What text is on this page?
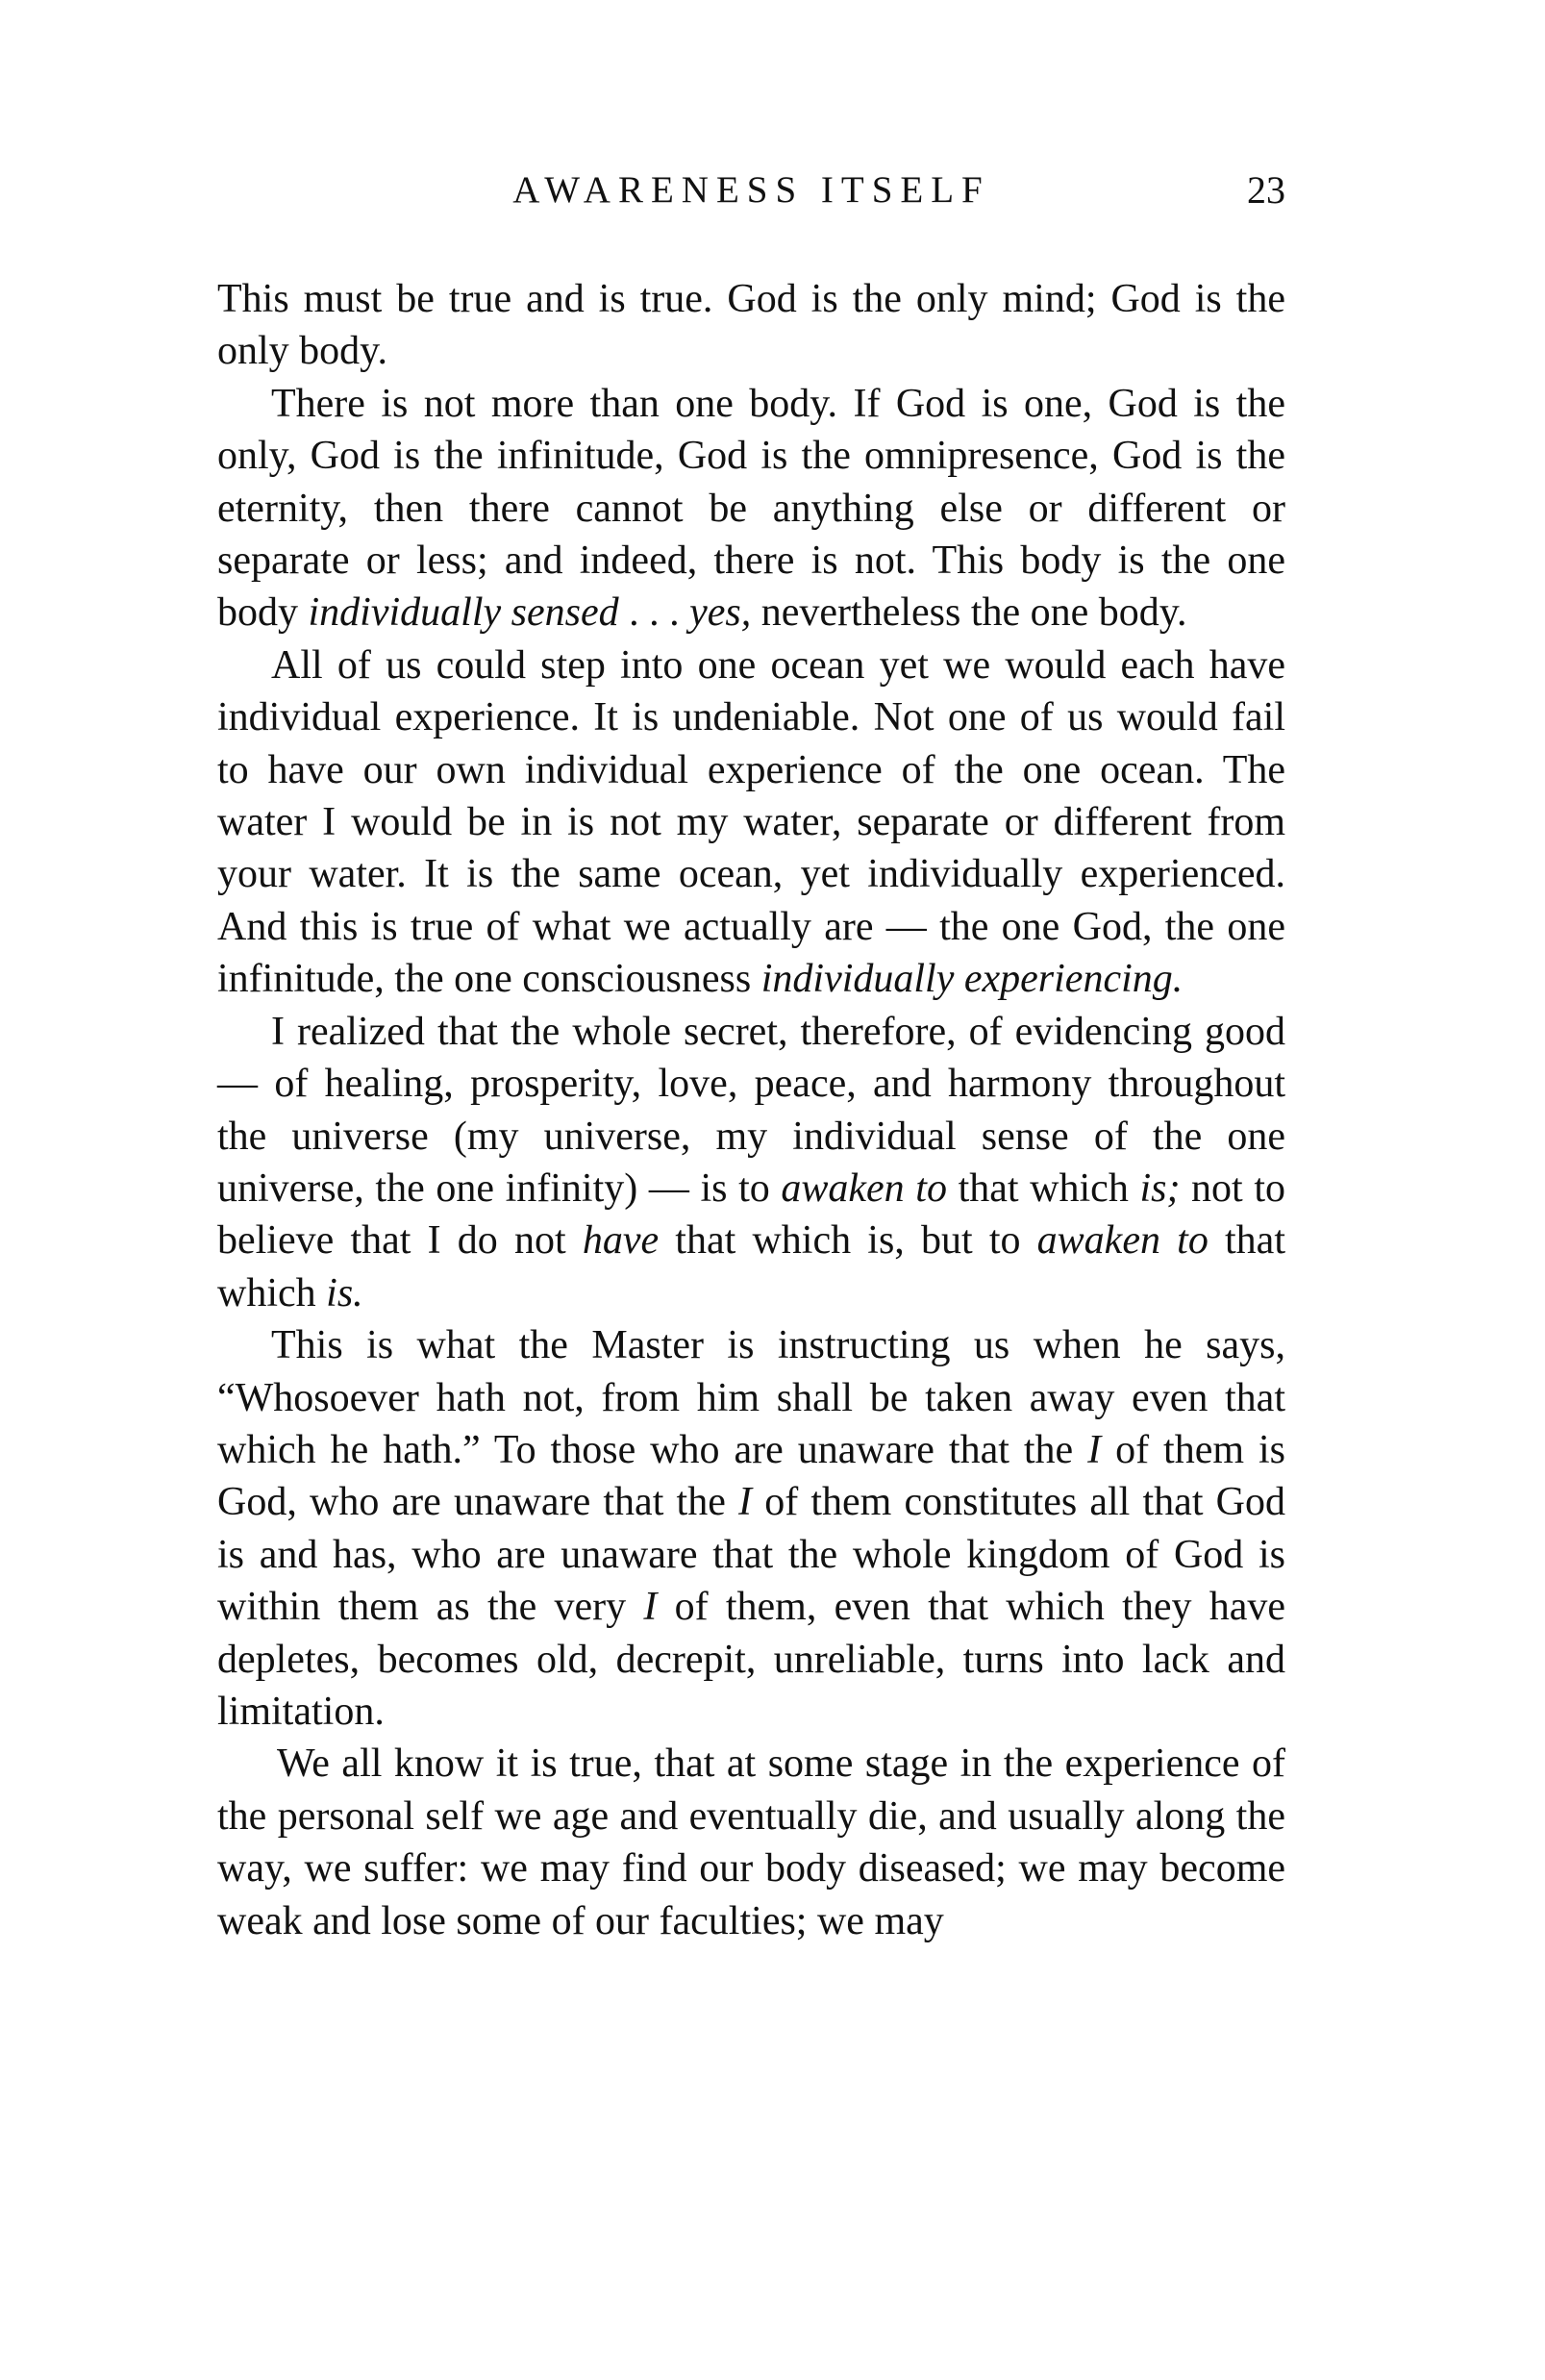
AWARENESS ITSELF	23

This must be true and is true. God is the only mind; God is the only body.

There is not more than one body. If God is one, God is the only, God is the infinitude, God is the omnipresence, God is the eternity, then there cannot be anything else or different or separate or less; and indeed, there is not. This body is the one body individually sensed . . . yes, nevertheless the one body.

All of us could step into one ocean yet we would each have individual experience. It is undeniable. Not one of us would fail to have our own individual experience of the one ocean. The water I would be in is not my water, separate or different from your water. It is the same ocean, yet individually experienced. And this is true of what we actually are — the one God, the one infinitude, the one consciousness individually experiencing.

I realized that the whole secret, therefore, of evidencing good — of healing, prosperity, love, peace, and harmony throughout the universe (my universe, my individual sense of the one universe, the one infinity) — is to awaken to that which is; not to believe that I do not have that which is, but to awaken to that which is.

This is what the Master is instructing us when he says, “Whosoever hath not, from him shall be taken away even that which he hath.” To those who are unaware that the I of them is God, who are unaware that the I of them constitutes all that God is and has, who are unaware that the whole kingdom of God is within them as the very I of them, even that which they have depletes, becomes old, decrepit, unreliable, turns into lack and limitation.

We all know it is true, that at some stage in the experience of the personal self we age and eventually die, and usually along the way, we suffer: we may find our body diseased; we may become weak and lose some of our faculties; we may
